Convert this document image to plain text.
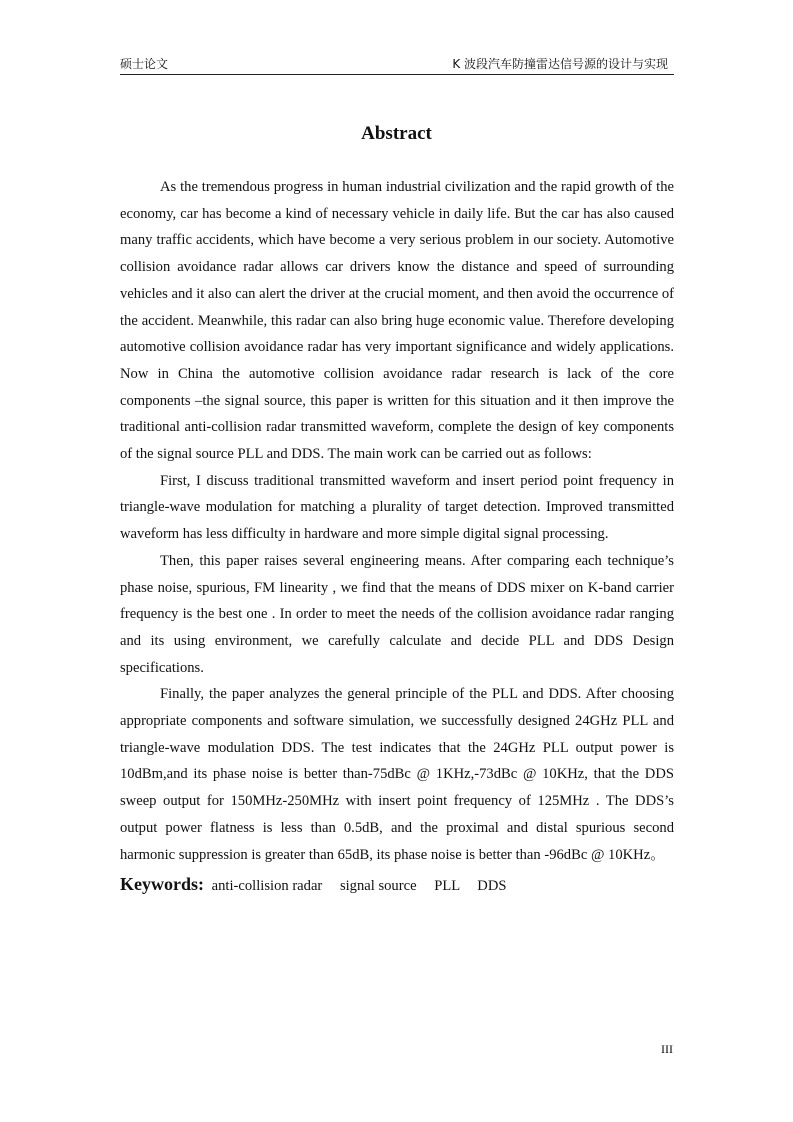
硕士论文	K 波段汽车防撞雷达信号源的设计与实现
Abstract

As the tremendous progress in human industrial civilization and the rapid growth of the economy, car has become a kind of necessary vehicle in daily life. But the car has also caused many traffic accidents, which have become a very serious problem in our society. Automotive collision avoidance radar allows car drivers know the distance and speed of surrounding vehicles and it also can alert the driver at the crucial moment, and then avoid the occurrence of the accident. Meanwhile, this radar can also bring huge economic value. Therefore developing automotive collision avoidance radar has very important significance and widely applications. Now in China the automotive collision avoidance radar research is lack of the core components –the signal source, this paper is written for this situation and it then improve the traditional anti-collision radar transmitted waveform, complete the design of key components of the signal source PLL and DDS. The main work can be carried out as follows:

First, I discuss traditional transmitted waveform and insert period point frequency in triangle-wave modulation for matching a plurality of target detection. Improved transmitted waveform has less difficulty in hardware and more simple digital signal processing.

Then, this paper raises several engineering means. After comparing each technique’s phase noise, spurious, FM linearity , we find that the means of DDS mixer on K-band carrier frequency is the best one . In order to meet the needs of the collision avoidance radar ranging and its using environment, we carefully calculate and decide PLL and DDS Design specifications.

Finally, the paper analyzes the general principle of the PLL and DDS. After choosing appropriate components and software simulation, we successfully designed 24GHz PLL and triangle-wave modulation DDS. The test indicates that the 24GHz PLL output power is 10dBm,and its phase noise is better than-75dBc @ 1KHz,-73dBc @ 10KHz, that the DDS sweep output for 150MHz-250MHz with insert point frequency of 125MHz . The DDS’s output power flatness is less than 0.5dB, and the proximal and distal spurious second harmonic suppression is greater than 65dB, its phase noise is better than -96dBc @ 10KHz。

Keywords: anti-collision radar signal source PLL DDS

III
